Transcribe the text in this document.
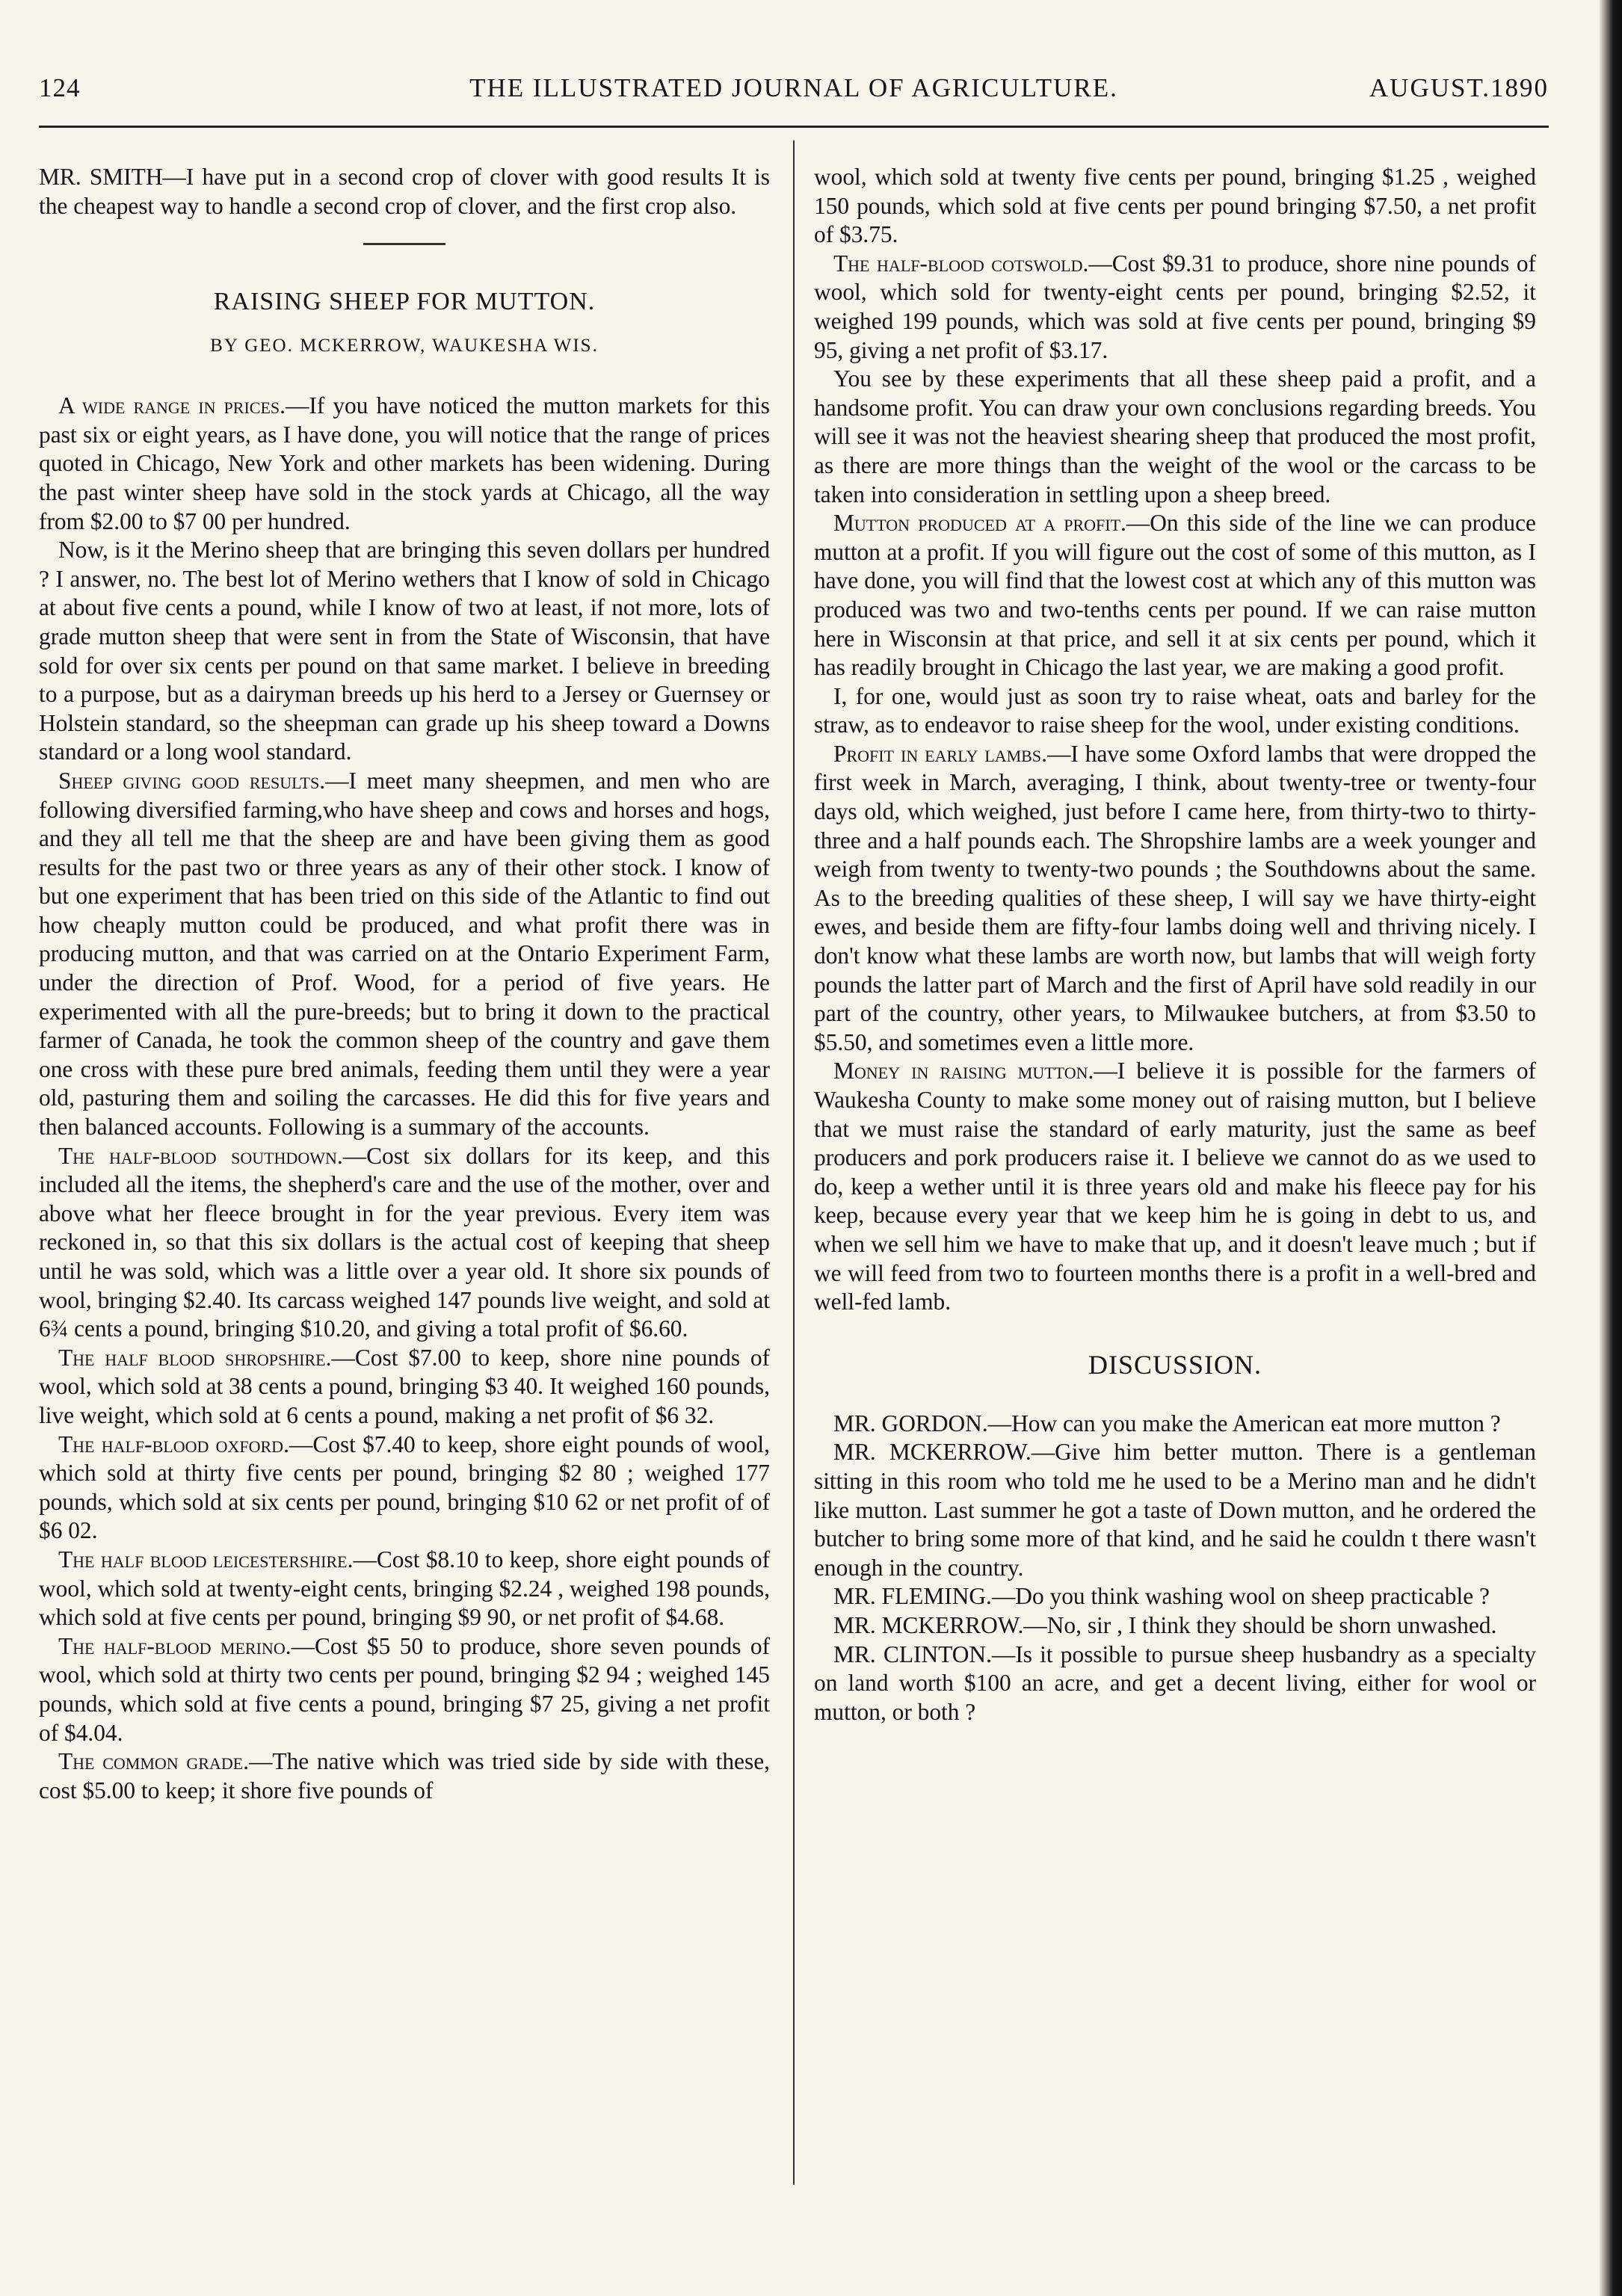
124	THE ILLUSTRATED JOURNAL OF AGRICULTURE.	AUGUST.1890

MR. SMITH—I have put in a second crop of clover with good results It is the cheapest way to handle a second crop of clover, and the first crop also.

RAISING SHEEP FOR MUTTON.
BY GEO. MCKERROW, WAUKESHA WIS.

A wide range in prices.—If you have noticed the mutton markets for this past six or eight years, as I have done, you will notice that the range of prices quoted in Chicago, New York and other markets has been widening. During the past winter sheep have sold in the stock yards at Chicago, all the way from $2.00 to $7 00 per hundred.

Now, is it the Merino sheep that are bringing this seven dollars per hundred ? I answer, no. The best lot of Merino wethers that I know of sold in Chicago at about five cents a pound, while I know of two at least, if not more, lots of grade mutton sheep that were sent in from the State of Wisconsin, that have sold for over six cents per pound on that same market. I believe in breeding to a purpose, but as a dairyman breeds up his herd to a Jersey or Guernsey or Holstein standard, so the sheepman can grade up his sheep toward a Downs standard or a long wool standard.

Sheep giving good results.—I meet many sheepmen, and men who are following diversified farming,who have sheep and cows and horses and hogs, and they all tell me that the sheep are and have been giving them as good results for the past two or three years as any of their other stock. I know of but one experiment that has been tried on this side of the Atlantic to find out how cheaply mutton could be produced, and what profit there was in producing mutton, and that was carried on at the Ontario Experiment Farm, under the direction of Prof. Wood, for a period of five years. He experimented with all the pure-breeds; but to bring it down to the practical farmer of Canada, he took the common sheep of the country and gave them one cross with these pure bred animals, feeding them until they were a year old, pasturing them and soiling the carcasses. He did this for five years and then balanced accounts. Following is a summary of the accounts.

The half-blood southdown.—Cost six dollars for its keep, and this included all the items, the shepherd's care and the use of the mother, over and above what her fleece brought in for the year previous. Every item was reckoned in, so that this six dollars is the actual cost of keeping that sheep until he was sold, which was a little over a year old. It shore six pounds of wool, bringing $2.40. Its carcass weighed 147 pounds live weight, and sold at 6¾ cents a pound, bringing $10.20, and giving a total profit of $6.60.

The half blood shropshire.—Cost $7.00 to keep, shore nine pounds of wool, which sold at 38 cents a pound, bringing $3 40. It weighed 160 pounds, live weight, which sold at 6 cents a pound, making a net profit of $6 32.

The half-blood oxford.—Cost $7.40 to keep, shore eight pounds of wool, which sold at thirty five cents per pound, bringing $2 80 ; weighed 177 pounds, which sold at six cents per pound, bringing $10 62 or net profit of of $6 02.

The half blood leicestershire.—Cost $8.10 to keep, shore eight pounds of wool, which sold at twenty-eight cents, bringing $2.24 , weighed 198 pounds, which sold at five cents per pound, bringing $9 90, or net profit of $4.68.

The half-blood merino.—Cost $5 50 to produce, shore seven pounds of wool, which sold at thirty two cents per pound, bringing $2 94 ; weighed 145 pounds, which sold at five cents a pound, bringing $7 25, giving a net profit of $4.04.

The common grade.—The native which was tried side by side with these, cost $5.00 to keep; it shore five pounds of

wool, which sold at twenty five cents per pound, bringing $1.25 , weighed 150 pounds, which sold at five cents per pound bringing $7.50, a net profit of $3.75.

The half-blood cotswold.—Cost $9.31 to produce, shore nine pounds of wool, which sold for twenty-eight cents per pound, bringing $2.52, it weighed 199 pounds, which was sold at five cents per pound, bringing $9 95, giving a net profit of $3.17.

You see by these experiments that all these sheep paid a profit, and a handsome profit. You can draw your own conclusions regarding breeds. You will see it was not the heaviest shearing sheep that produced the most profit, as there are more things than the weight of the wool or the carcass to be taken into consideration in settling upon a sheep breed.

Mutton produced at a profit.—On this side of the line we can produce mutton at a profit. If you will figure out the cost of some of this mutton, as I have done, you will find that the lowest cost at which any of this mutton was produced was two and two-tenths cents per pound. If we can raise mutton here in Wisconsin at that price, and sell it at six cents per pound, which it has readily brought in Chicago the last year, we are making a good profit.

I, for one, would just as soon try to raise wheat, oats and barley for the straw, as to endeavor to raise sheep for the wool, under existing conditions.

Profit in early lambs.—I have some Oxford lambs that were dropped the first week in March, averaging, I think, about twenty-tree or twenty-four days old, which weighed, just before I came here, from thirty-two to thirty-three and a half pounds each. The Shropshire lambs are a week younger and weigh from twenty to twenty-two pounds ; the Southdowns about the same. As to the breeding qualities of these sheep, I will say we have thirty-eight ewes, and beside them are fifty-four lambs doing well and thriving nicely. I don't know what these lambs are worth now, but lambs that will weigh forty pounds the latter part of March and the first of April have sold readily in our part of the country, other years, to Milwaukee butchers, at from $3.50 to $5.50, and sometimes even a little more.

Money in raising mutton.—I believe it is possible for the farmers of Waukesha County to make some money out of raising mutton, but I believe that we must raise the standard of early maturity, just the same as beef producers and pork producers raise it. I believe we cannot do as we used to do, keep a wether until it is three years old and make his fleece pay for his keep, because every year that we keep him he is going in debt to us, and when we sell him we have to make that up, and it doesn't leave much ; but if we will feed from two to fourteen months there is a profit in a well-bred and well-fed lamb.

DISCUSSION.

MR. GORDON.—How can you make the American eat more mutton ?

MR. MCKERROW.—Give him better mutton. There is a gentleman sitting in this room who told me he used to be a Merino man and he didn't like mutton. Last summer he got a taste of Down mutton, and he ordered the butcher to bring some more of that kind, and he said he couldn t there wasn't enough in the country.

MR. FLEMING.—Do you think washing wool on sheep practicable ?

MR. MCKERROW.—No, sir , I think they should be shorn unwashed.

MR. CLINTON.—Is it possible to pursue sheep husbandry as a specialty on land worth $100 an acre, and get a decent living, either for wool or mutton, or both ?
